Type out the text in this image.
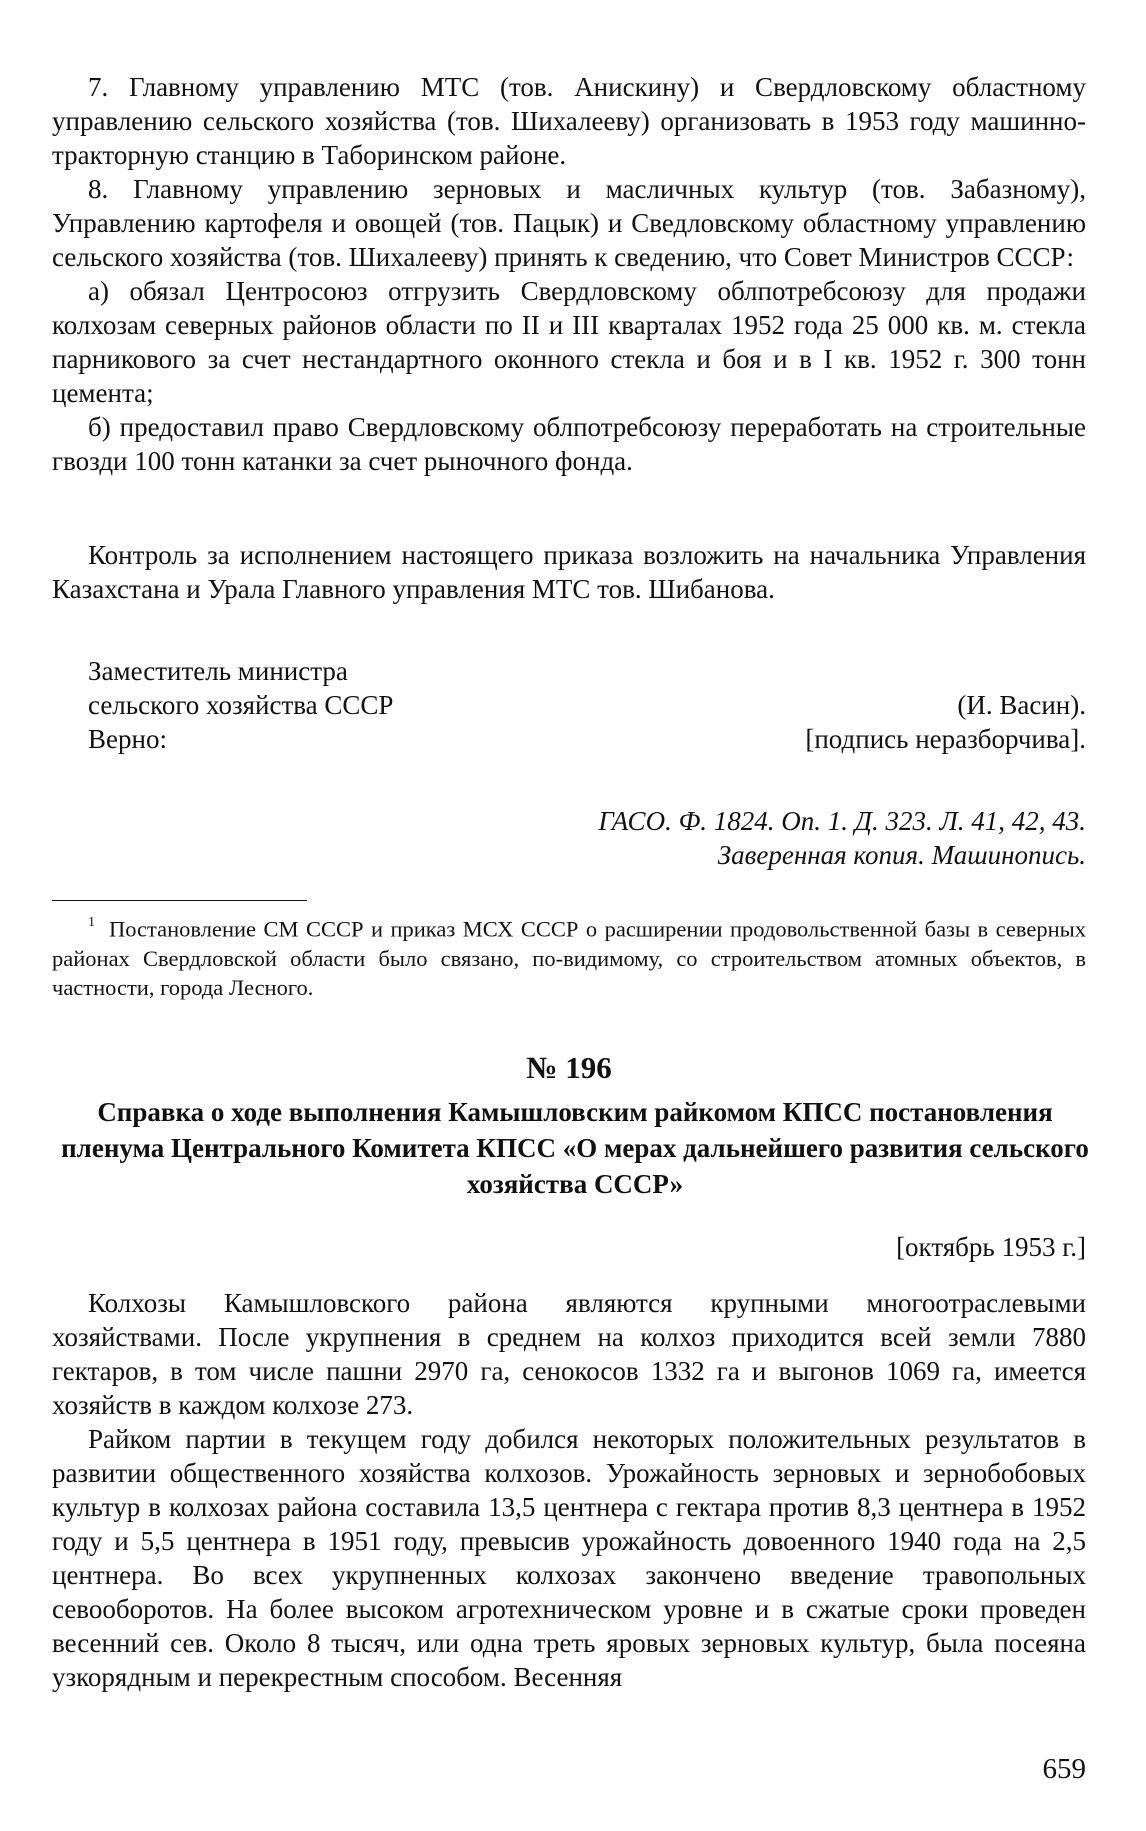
7. Главному управлению МТС (тов. Анискину) и Свердловскому областному управлению сельского хозяйства (тов. Шихалееву) организовать в 1953 году машинно-тракторную станцию в Таборинском районе.

8. Главному управлению зерновых и масличных культур (тов. Забазному), Управлению картофеля и овощей (тов. Пацык) и Сведловскому областному управлению сельского хозяйства (тов. Шихалееву) принять к сведению, что Совет Министров СССР:

а) обязал Центросоюз отгрузить Свердловскому облпотребсоюзу для продажи колхозам северных районов области по II и III кварталах 1952 года 25 000 кв. м. стекла парникового за счет нестандартного оконного стекла и боя и в I кв. 1952 г. 300 тонн цемента;

б) предоставил право Свердловскому облпотребсоюзу переработать на строительные гвозди 100 тонн катанки за счет рыночного фонда.

Контроль за исполнением настоящего приказа возложить на начальника Управления Казахстана и Урала Главного управления МТС тов. Шибанова.

Заместитель министра
сельского хозяйства СССР	(И. Васин).
Верно:	[подпись неразборчива].
ГАСО. Ф. 1824. Оп. 1. Д. 323. Л. 41, 42, 43.
Заверенная копия. Машинопись.

$^1$ Постановление СМ СССР и приказ МСХ СССР о расширении продовольственной базы в северных районах Свердловской области было связано, по-видимому, со строительством атомных объектов, в частности, города Лесного.

№ 196
Справка о ходе выполнения Камышловским райкомом КПСС постановления пленума Центрального Комитета КПСС «О мерах дальнейшего развития сельского хозяйства СССР»
[октябрь 1953 г.]

Колхозы Камышловского района являются крупными многоотраслевыми хозяйствами. После укрупнения в среднем на колхоз приходится всей земли 7880 гектаров, в том числе пашни 2970 га, сенокосов 1332 га и выгонов 1069 га, имеется хозяйств в каждом колхозе 273.

Райком партии в текущем году добился некоторых положительных результатов в развитии общественного хозяйства колхозов. Урожайность зерновых и зернобобовых культур в колхозах района составила 13,5 центнера с гектара против 8,3 центнера в 1952 году и 5,5 центнера в 1951 году, превысив урожайность довоенного 1940 года на 2,5 центнера. Во всех укрупненных колхозах закончено введение травопольных севооборотов. На более высоком агротехническом уровне и в сжатые сроки проведен весенний сев. Около 8 тысяч, или одна треть яровых зерновых культур, была посеяна узкорядным и перекрестным способом. Весенняя

659
